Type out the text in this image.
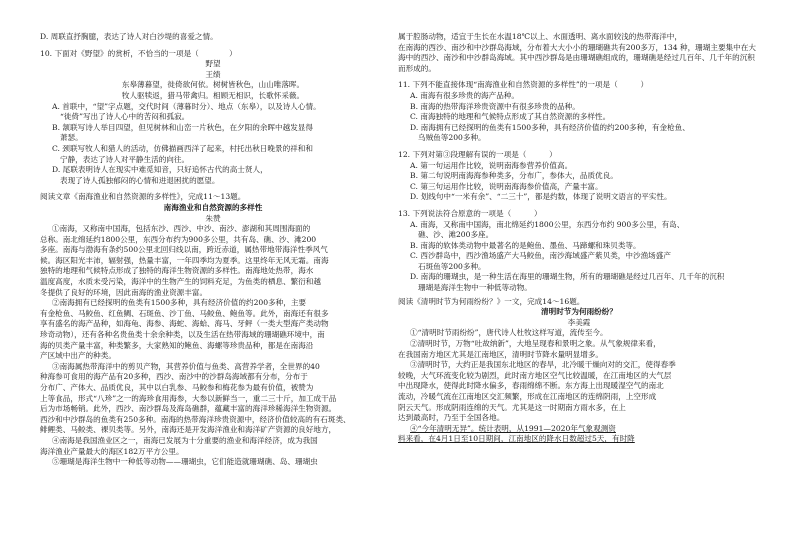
D. 周联直抒胸臆，表达了诗人对白沙堤的喜爱之情。
10. 下面对《野望》的赏析，不恰当的一项是（　　　　）
野望
王绩
东皋薄暮望，徙倚欲何依。树树皆秋色，山山唯落晖。
牧人驱犊返，猎马带禽归。相顾无相识，长歌怀采薇。
A. 首联中，“望”字点题，交代时间（薄暮时分）、地点（东皋），以及诗人心情。
“徙倚”写出了诗人心中的苦闷和孤寂。
B. 颔联写诗人举目四望，但见树林和山峦一片秋色，在夕阳的余晖中越发显得
萧瑟。
C. 颈联写牧人和猎人的活动，仿佛描画西洋了起来，村托出秋日晚景的祥和和
宁静，表达了诗人对平静生活的向往。
D. 尾联表明诗人在现实中难觅知音，只好追怀古代的高士贤人，
表现了诗人孤独郁闷的心情和进退困扰的愿望。
阅读文章《南海渔业和自然资源的多样性》，完成11～13题。
南海渔业和自然资源的多样性
朱赞
①南海，又称南中国海，包括东沙、西沙、中沙、南沙、澎湖和其周围海面的
总称。南北绵延约1800公里，东西分布约为900多公里，共有岛、礁、沙、滩200
多座。南海与渤海有条约500公里北回归线以南，跨近赤道，属热带地带海洋性季风气
候。海区阳光丰沛，辐射强，热量丰富，一年四季均为夏季。这里终年无风无霜。南海
独特的地理和气候特点形成了独特的海洋生物资源的多样性。南海地处热带，海水
温度高度，水质未受污染，海洋中的生物产生的饲料充足，为鱼类的栖息、繁衍和越
冬提供了良好的环境，因此南海的渔业资源丰富。
②南海拥有已经探明的鱼类有1500多种，具有经济价值的约200多种，主要
有金枪鱼、马鲛鱼、红鱼鲷、石斑鱼、沙丁鱼、马鲛鱼、鲍鱼等。此外，南海还有很多
享有盛名的海产品种，如海龟、海参、海蛇、海蛤、海马、牙鲆（一类大型海产类动物
珍奇动物），还有各种名贵鱼类十余余种类，以及生活在热带海域的珊瑚礁环境中，南
海的贝类产量丰富，种类繁多，大家熟知的鲍鱼、海螺等珍贵品种，都是在南海沿
产区域中出产的种类。
③南海属热带海洋中的剪贝产物，其营养价值与鱼类、高营养学者，全世界的40
种海参可食用的海产品有20多种，西沙、南沙中的沙群岛海域都有分布，分布于
分布广、产体大、品质优良，其中以白乳参、马鲛参和梅花参为最有价值，被赞为
上等食品，形式“八珍”之一的海珍食用海参，大参以新鲜当一，重二三十斤，加工成干品
后为市场畅销。此外，西沙、南沙群岛及海岛礁群，蕴藏丰富的海洋珍稀海洋生物资源。
西沙和中沙群岛的鱼类有250多种。南海的热带海洋珍贵资源中，经济价值较高的有石斑类、
鲱鲤类、马鲛类、裸贝类等。另外，南海还是开发海洋渔业和海洋矿产资源的良好地方，
④南海是我国渔业区之一，南海已发展为十分重要的渔业和海洋经济，成为我国
海洋渔业产量最大的海区182万平方公里。
⑤珊瑚是海洋生物中一种低等动物——珊瑚虫，它们能造就珊瑚礁、岛、珊瑚虫
属于腔肠动物，适宜于生长在水温18℃以上、水面透明、离水面较浅的热带海洋中，
在南海的西沙、南沙和中沙群岛海域，分布着大大小小的珊瑚礁共有200多万，134 种，珊瑚主要集中在大
海中的西沙、南沙和中沙群岛海域。其中西沙群岛是由珊瑚礁组成的，珊瑚礁是经过几百年、几千年的沉积
而形成的。
11. 下列不能直接体现“南海渔业和自然资源的多样性”的一项是（　　　）
A. 南海有很多珍贵的海产品种。
B. 南海的热带海洋珍贵资源中有很多珍贵的品种。
C. 南海独特的地理和气候特点形成了其自然资源的多样性。
D. 南海拥有已经探明的鱼类有1500多种，具有经济价值的约200多种，有金枪鱼、
乌贼鱼等200多种。
12. 下列对第③段理解有误的一项是（　　　）
A. 第一句运用作比较，说明南海参营养价值高。
B. 第二句说明南海海参种类多，分布广，参体大，品质优良。
C. 第三句运用作比较，说明南海海参价值高，产量丰富。
D. 划线句中“一米有余”、“二三十”，都是约数，体现了说明文语言的平实性。
13. 下列说法符合原意的一项是（　　　）
A. 南海，又称南中国海，南北绵延约1800公里，东西分布约 900多公里，有岛、
礁、沙、滩200多座。
B. 南海的软体类动物中最著名的是鲍鱼、墨鱼、马蹄螺和珠贝类等。
C. 西沙群岛中，西沙渔场盛产大马鲛鱼，南沙海域盛产紫贝类，中沙渔场盛产
石斑鱼等200多种。
D. 南海的珊瑚虫，是一种生活在海里的珊瑚生物，所有的珊瑚礁是经过几百年、几千年的沉积
珊瑚是海洋生物中一种低等动物。
阅读《清明时节为何雨纷纷？》一文，完成14～16题。
清明时节为何雨纷纷？
李美霞
①“清明时节雨纷纷”，唐代诗人杜牧这样写道，流传至今。
②清明时节，万物“吐故纳新”，大地呈现春和景明之象。从气象规律来看，
在我国南方地区尤其是江南地区，清明时节降水量明显增多。
③清明时节，大约正是我国东北地区的春旱，北冷暖干燥向对的交汇，使得春季
较晚，大气环流变化较为剧烈，此时南方地区空气比较温暖，在江南地区的大气层
中出现降水，使得此时降水偏多，春雨绵绵不断。东方海上出现暖湿空气的南北
流动，冷暖气流在江南地区交汇频繁，形成在江南地区的连绵阴雨，上空形成
阴云天气。形成阴雨连绵的天气。尤其是这一时期南方雨水多，在上
达到最高时，乃至于全国各地。
④“今年清明无异”。统计表明，从1991—2020年气象观测资
料来看，在4月1日至10日期间，江南地区的降水日数超过5天，有时降
